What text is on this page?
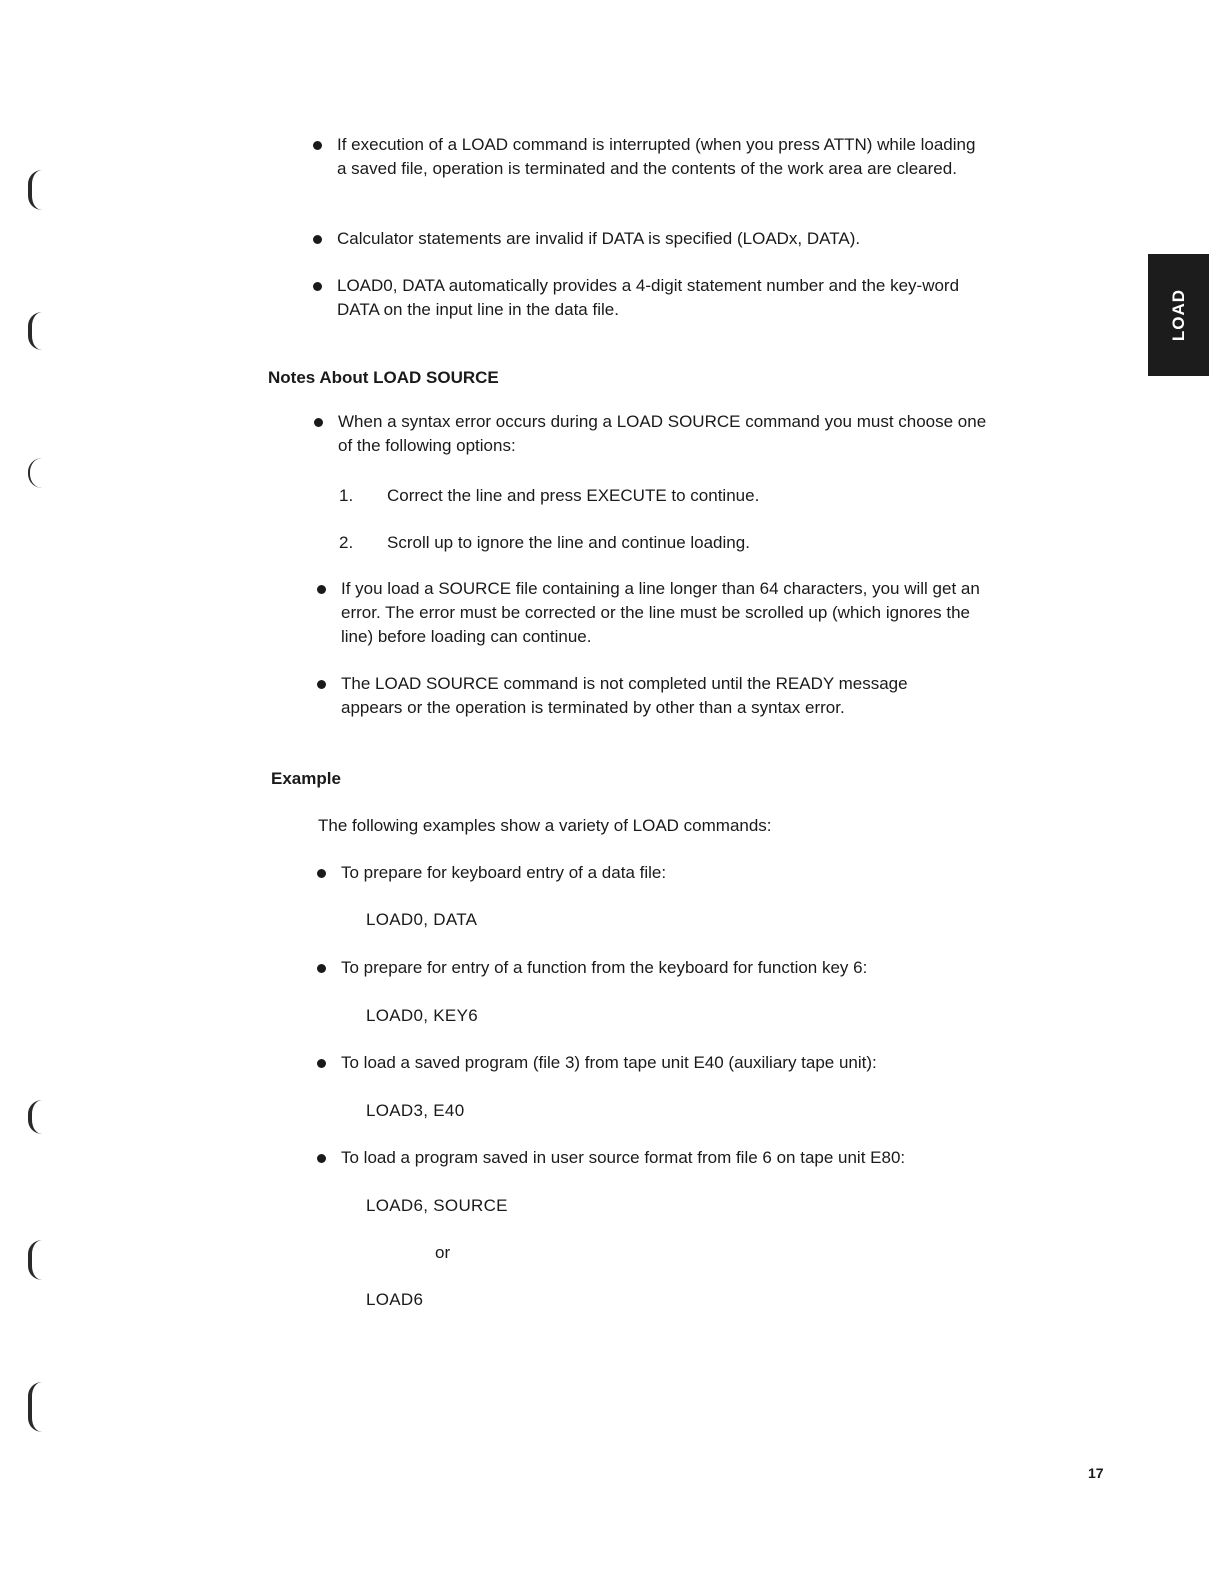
LOAD
If execution of a LOAD command is interrupted (when you press ATTN) while loading a saved file, operation is terminated and the contents of the work area are cleared.
Calculator statements are invalid if DATA is specified (LOADx, DATA).
LOAD0, DATA automatically provides a 4-digit statement number and the key-word DATA on the input line in the data file.
Notes About LOAD SOURCE
When a syntax error occurs during a LOAD SOURCE command you must choose one of the following options:
1. Correct the line and press EXECUTE to continue.
2. Scroll up to ignore the line and continue loading.
If you load a SOURCE file containing a line longer than 64 characters, you will get an error. The error must be corrected or the line must be scrolled up (which ignores the line) before loading can continue.
The LOAD SOURCE command is not completed until the READY message appears or the operation is terminated by other than a syntax error.
Example
The following examples show a variety of LOAD commands:
To prepare for keyboard entry of a data file:
LOAD0, DATA
To prepare for entry of a function from the keyboard for function key 6:
LOAD0, KEY6
To load a saved program (file 3) from tape unit E40 (auxiliary tape unit):
LOAD3, E40
To load a program saved in user source format from file 6 on tape unit E80:
LOAD6, SOURCE
or
LOAD6
17
